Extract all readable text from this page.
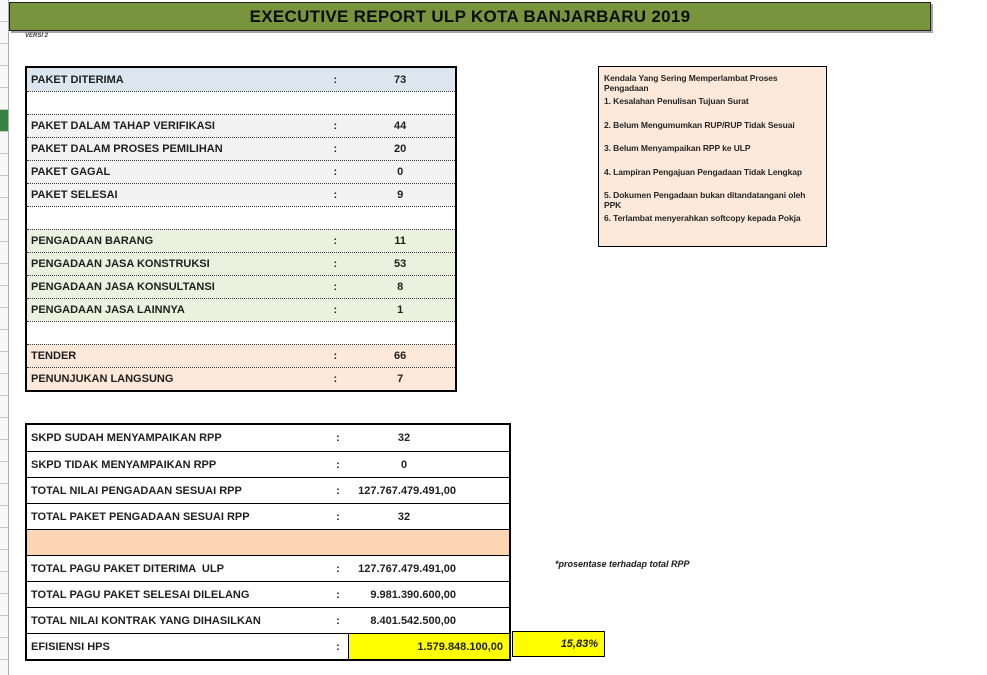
EXECUTIVE REPORT ULP KOTA BANJARBARU 2019
VERSI 2
PAKET DITERIMA	:	73
PAKET DALAM TAHAP VERIFIKASI	:	44
PAKET DALAM PROSES PEMILIHAN	:	20
PAKET GAGAL	:	0
PAKET SELESAI	:	9
PENGADAAN BARANG	:	11
PENGADAAN JASA KONSTRUKSI	:	53
PENGADAAN JASA KONSULTANSI	:	8
PENGADAAN JASA LAINNYA	:	1
TENDER	:	66
PENUNJUKAN LANGSUNG	:	7
Kendala Yang Sering Memperlambat Proses Pengadaan
1. Kesalahan Penulisan Tujuan Surat
2. Belum Mengumumkan RUP/RUP Tidak Sesuai
3. Belum Menyampaikan RPP ke ULP
4. Lampiran Pengajuan Pengadaan Tidak Lengkap
5. Dokumen Pengadaan bukan ditandatangani oleh PPK
6. Terlambat menyerahkan softcopy kepada Pokja
SKPD SUDAH MENYAMPAIKAN RPP	:	32
SKPD TIDAK MENYAMPAIKAN RPP	:	0
TOTAL NILAI PENGADAAN SESUAI RPP	:	127.767.479.491,00
TOTAL PAKET PENGADAAN SESUAI RPP	:	32
TOTAL PAGU PAKET DITERIMA  ULP	:	127.767.479.491,00
TOTAL PAGU PAKET SELESAI DILELANG	:	9.981.390.600,00
TOTAL NILAI KONTRAK YANG DIHASILKAN	:	8.401.542.500,00
EFISIENSI HPS	:	1.579.848.100,00
*prosentase terhadap total RPP
15,83%
